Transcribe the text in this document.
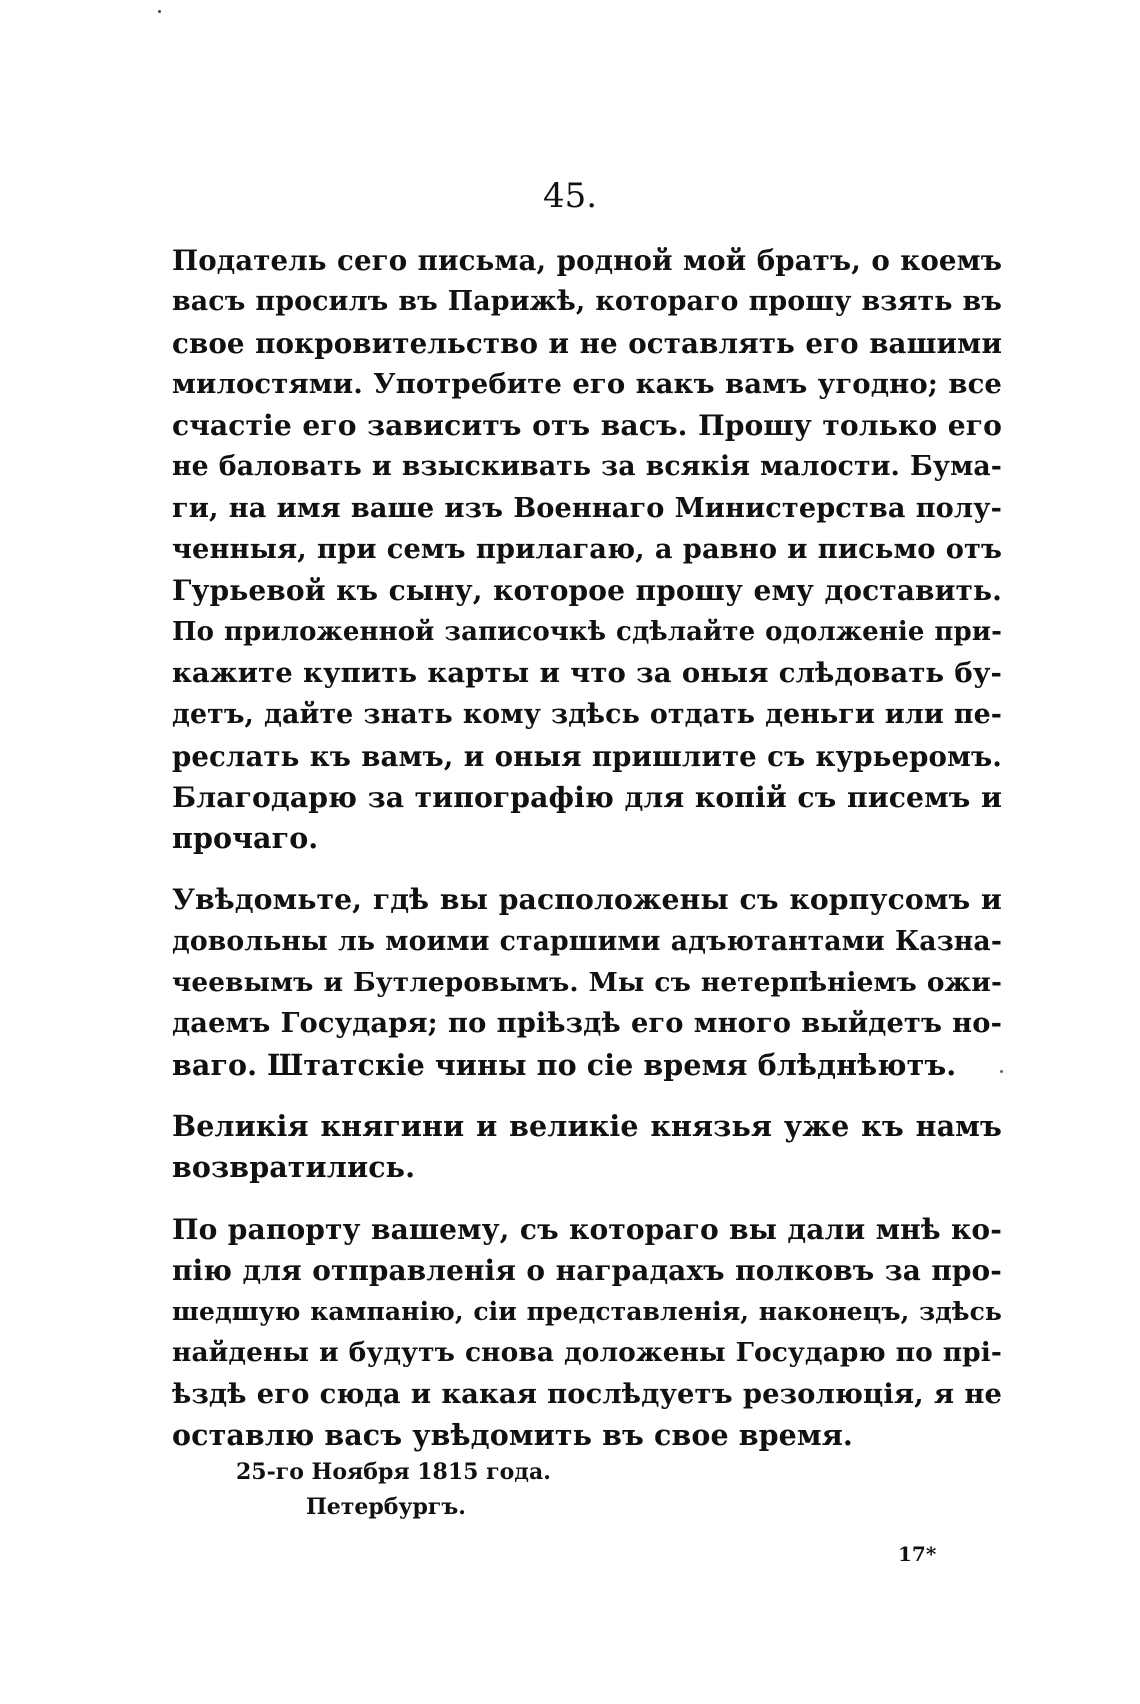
45.

Податель сего письма, родной мой братъ, о коемъ
васъ просилъ въ Парижѣ, котораго прошу взять въ
свое покровительство и не оставлять его вашими
милостями. Употребите его какъ вамъ угодно; все
счастіе его зависитъ отъ васъ. Прошу только его
не баловать и взыскивать за всякія малости. Бума-
ги, на имя ваше изъ Военнаго Министерства полу-
ченныя, при семъ прилагаю, а равно и письмо отъ
Гурьевой къ сыну, которое прошу ему доставить.
По приложенной записочкѣ сдѣлайте одолженіе при-
кажите купить карты и что за оныя слѣдовать бу-
детъ, дайте знать кому здѣсь отдать деньги или пе-
реслать къ вамъ, и оныя пришлите съ курьеромъ.
Благодарю за типографію для копій съ писемъ и
прочаго.

Увѣдомьте, гдѣ вы расположены съ корпусомъ и
довольны ль моими старшими адъютантами Казна-
чеевымъ и Бутлеровымъ. Мы съ нетерпѣніемъ ожи-
даемъ Государя; по пріѣздѣ его много выйдетъ но-
ваго. Штатскіе чины по сіе время блѣднѣютъ.

Великія княгини и великіе князья уже къ намъ
возвратились.

По рапорту вашему, съ котораго вы дали мнѣ ко-
пію для отправленія о наградахъ полковъ за про-
шедшую кампанію, сіи представленія, наконецъ, здѣсь
найдены и будутъ снова доложены Государю по прі-
ѣздѣ его сюда и какая послѣдуетъ резолюція, я не
оставлю васъ увѣдомить въ свое время.

25-го Ноября 1815 года.
Петербургъ.
17*
